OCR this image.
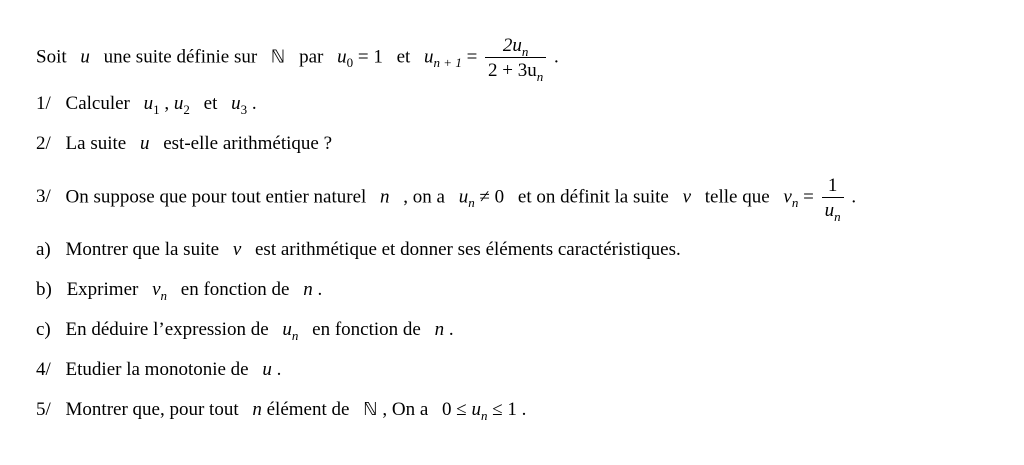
Soit u une suite définie sur ℕ par $u_0 = 1$ et $u_{n + 1} = \frac{2u_n}{2 + 3u_n}$ .
1/ Calculer $u_1$ , $u_2$ et $u_3$ .
2/ La suite u est-elle arithmétique ?
3/ On suppose que pour tout entier naturel n , on a $u_n \ne 0$ et on définit la suite v telle que $v_n = \frac{1}{u_n}$ .
a) Montrer que la suite v est arithmétique et donner ses éléments caractéristiques.
b) Exprimer $v_n$ en fonction de n .
c) En déduire l’expression de $u_n$ en fonction de n .
4/ Etudier la monotonie de u .
5/ Montrer que, pour tout n élément de ℕ , On a $0 \le u_n \le 1$ .
